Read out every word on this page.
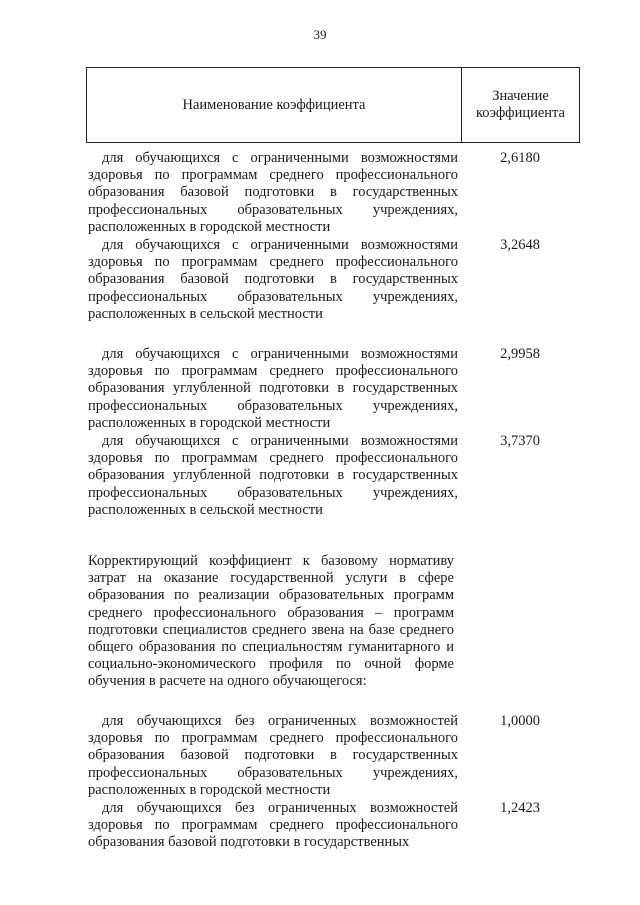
39
Наименование коэффициента
Значение коэффициента
для обучающихся с ограниченными возможностями здоровья по программам среднего профессионального образования базовой подготовки в государственных профессиональных образовательных учреждениях, расположенных в городской местности
2,6180
для обучающихся с ограниченными возможностями здоровья по программам среднего профессионального образования базовой подготовки в государственных профессиональных образовательных учреждениях, расположенных в сельской местности
3,2648
для обучающихся с ограниченными возможностями здоровья по программам среднего профессионального образования углубленной подготовки в государственных профессиональных образовательных учреждениях, расположенных в городской местности
2,9958
для обучающихся с ограниченными возможностями здоровья по программам среднего профессионального образования углубленной подготовки в государственных профессиональных образовательных учреждениях, расположенных в сельской местности
3,7370
Корректирующий коэффициент к базовому нормативу затрат на оказание государственной услуги в сфере образования по реализации образовательных программ среднего профессионального образования – программ подготовки специалистов среднего звена на базе среднего общего образования по специальностям гуманитарного и социально-экономического профиля по очной форме обучения в расчете на одного обучающегося:
для обучающихся без ограниченных возможностей здоровья по программам среднего профессионального образования базовой подготовки в государственных профессиональных образовательных учреждениях, расположенных в городской местности
1,0000
для обучающихся без ограниченных возможностей здоровья по программам среднего профессионального образования базовой подготовки в государственных
1,2423
